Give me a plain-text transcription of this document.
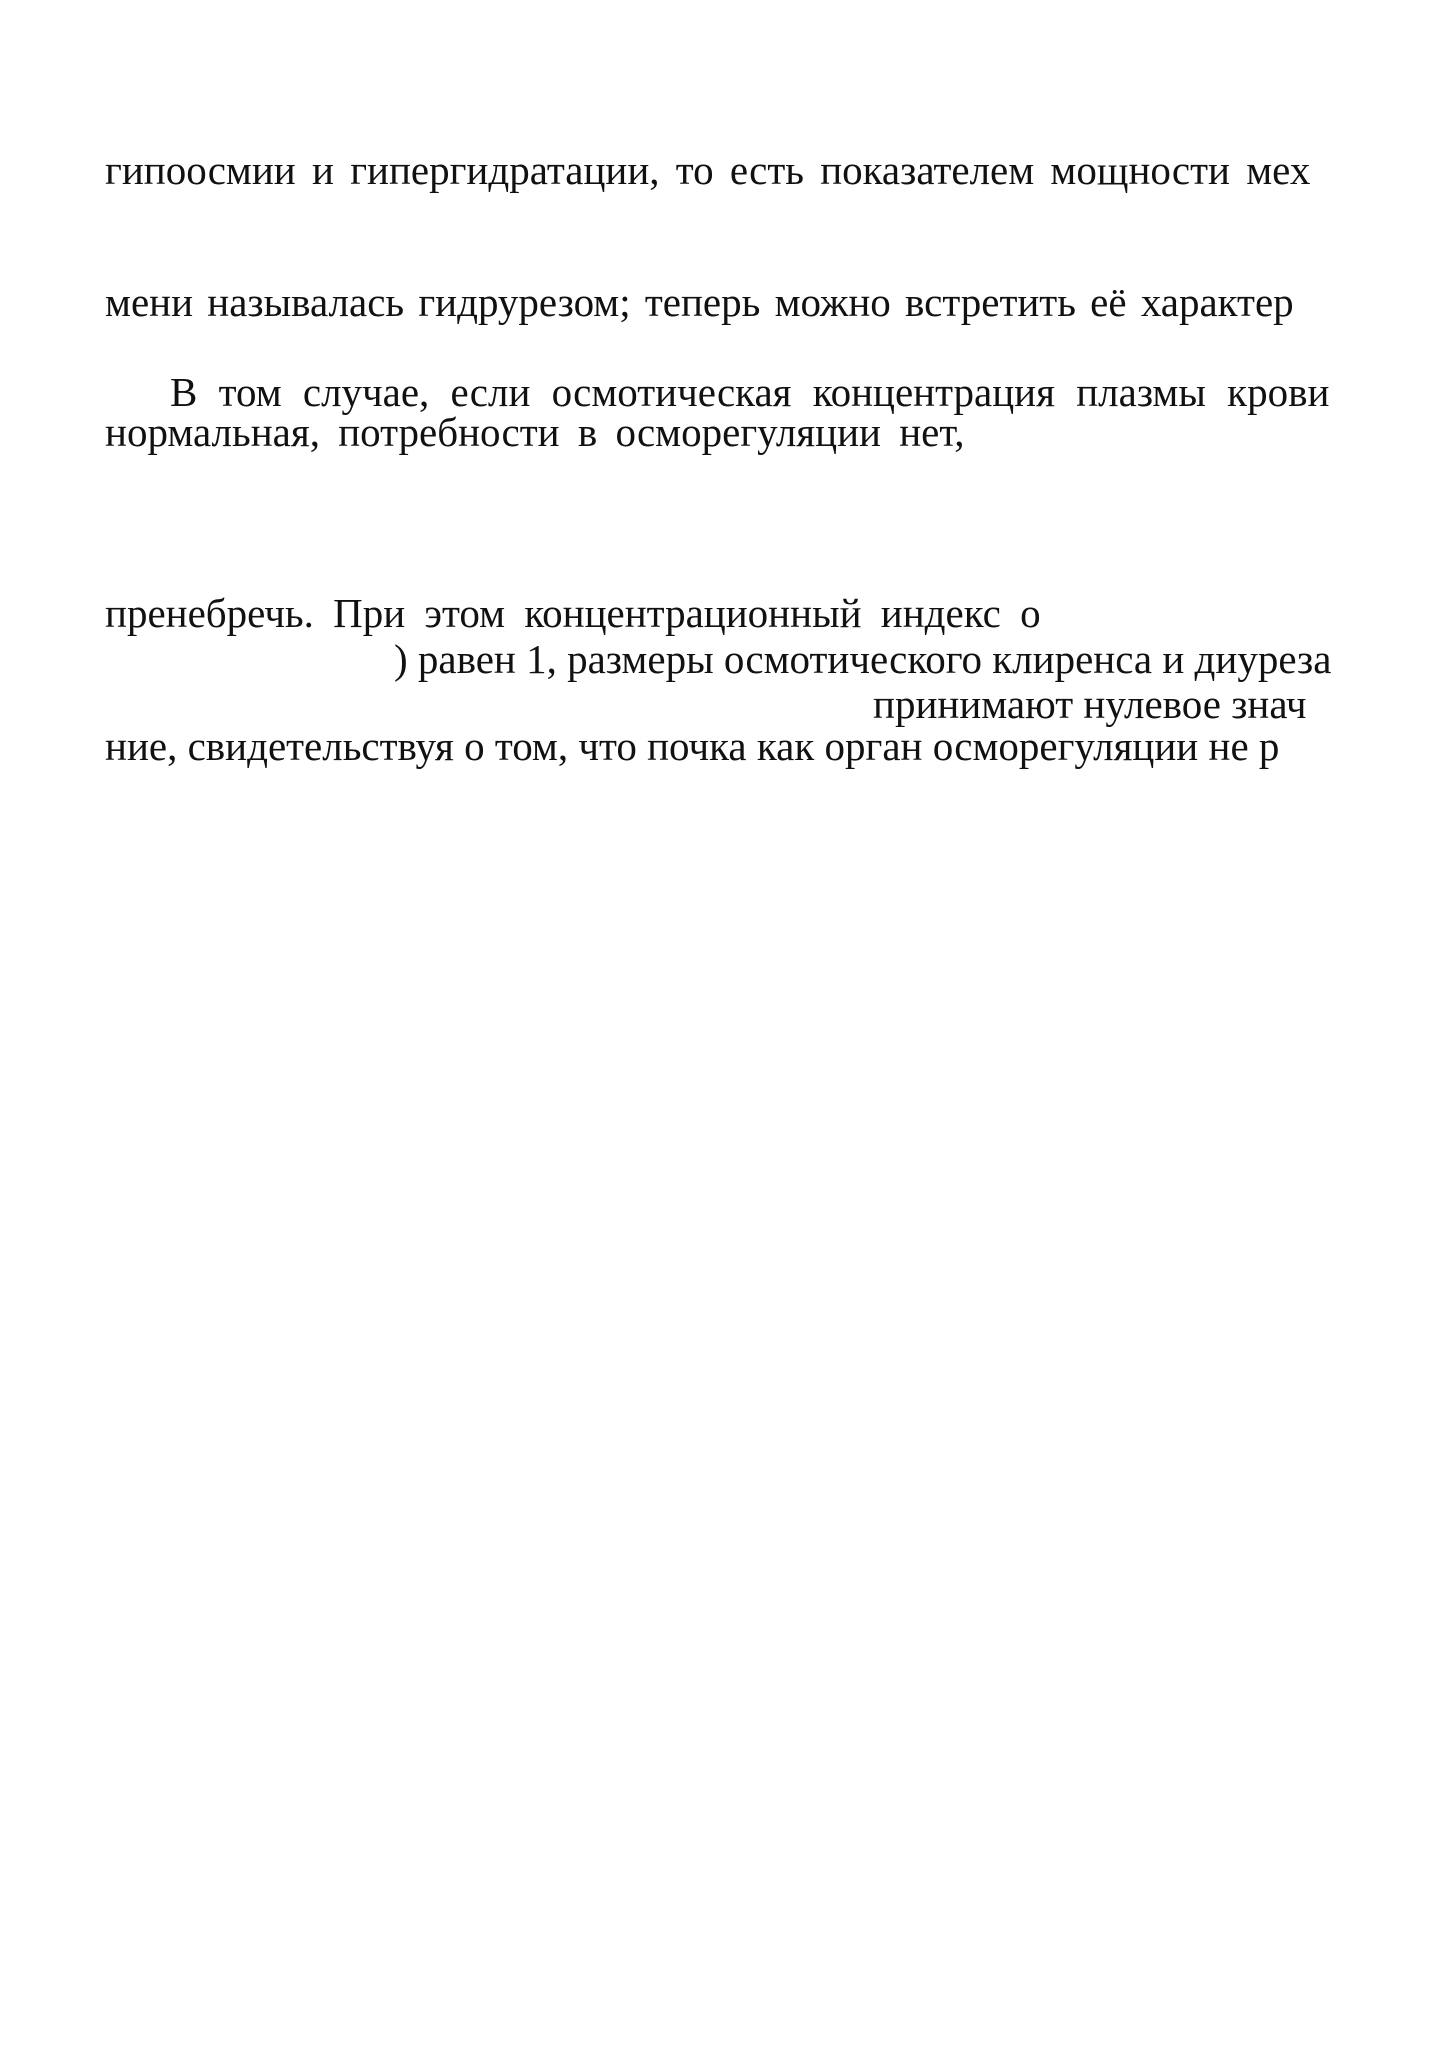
гипоосмии и гипергидратации, то есть показателем мощности мех

мени называлась гидрурезом; теперь можно встретить её характер

В том случае, если осмотическая концентрация плазмы крови

нормальная, потребности в осморегуляции нет,

пренебречь. При этом концентрационный индекс о

) равен 1, размеры осмотического клиренса и диуреза

принимают нулевое знач

ние, свидетельствуя о том, что почка как орган осморегуляции не р
